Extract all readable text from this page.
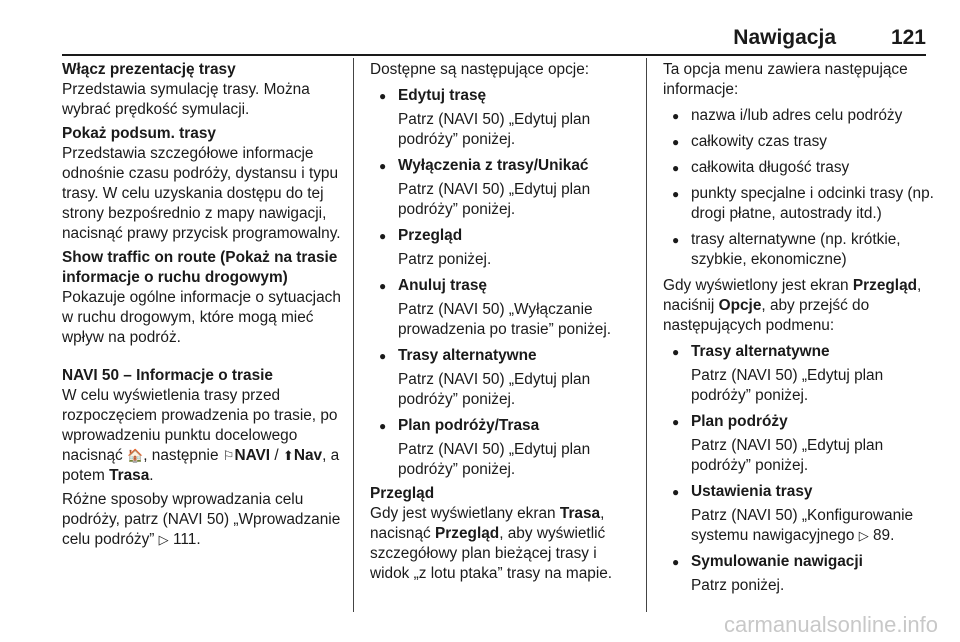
Nawigacja	121
Włącz prezentację trasy
Przedstawia symulację trasy. Można wybrać prędkość symulacji.
Pokaż podsum. trasy
Przedstawia szczegółowe informacje odnośnie czasu podróży, dystansu i typu trasy. W celu uzyskania dostępu do tej strony bezpośrednio z mapy nawigacji, nacisnąć prawy przycisk programowalny.
Show traffic on route (Pokaż na trasie informacje o ruchu drogowym)
Pokazuje ogólne informacje o sytuacjach w ruchu drogowym, które mogą mieć wpływ na podróż.
NAVI 50 – Informacje o trasie
W celu wyświetlenia trasy przed rozpoczęciem prowadzenia po trasie, po wprowadzeniu punktu docelowego nacisnąć 🏠, następnie ⚐NAVI / ⬆Nav, a potem Trasa.
Różne sposoby wprowadzania celu podróży, patrz (NAVI 50) „Wprowadzanie celu podróży” ▷ 111.
Dostępne są następujące opcje:
● Edytuj trasę
Patrz (NAVI 50) „Edytuj plan podróży” poniżej.
● Wyłączenia z trasy/Unikać
Patrz (NAVI 50) „Edytuj plan podróży” poniżej.
● Przegląd
Patrz poniżej.
● Anuluj trasę
Patrz (NAVI 50) „Wyłączanie prowadzenia po trasie” poniżej.
● Trasy alternatywne
Patrz (NAVI 50) „Edytuj plan podróży” poniżej.
● Plan podróży/Trasa
Patrz (NAVI 50) „Edytuj plan podróży” poniżej.
Przegląd
Gdy jest wyświetlany ekran Trasa, nacisnąć Przegląd, aby wyświetlić szczegółowy plan bieżącej trasy i widok „z lotu ptaka” trasy na mapie.
Ta opcja menu zawiera następujące informacje:
● nazwa i/lub adres celu podróży
● całkowity czas trasy
● całkowita długość trasy
● punkty specjalne i odcinki trasy (np. drogi płatne, autostrady itd.)
● trasy alternatywne (np. krótkie, szybkie, ekonomiczne)
Gdy wyświetlony jest ekran Przegląd, naciśnij Opcje, aby przejść do następujących podmenu:
● Trasy alternatywne
Patrz (NAVI 50) „Edytuj plan podróży” poniżej.
● Plan podróży
Patrz (NAVI 50) „Edytuj plan podróży” poniżej.
● Ustawienia trasy
Patrz (NAVI 50) „Konfigurowanie systemu nawigacyjnego ▷ 89.
● Symulowanie nawigacji
Patrz poniżej.
carmanualsonline.info
